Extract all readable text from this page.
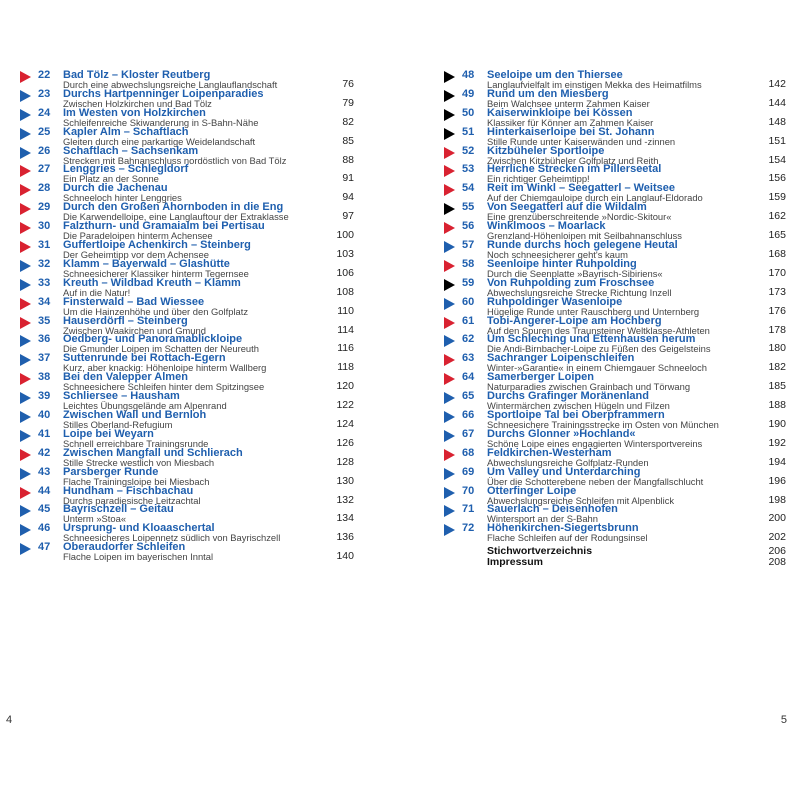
22 Bad Tölz – Kloster Reutberg
Durch eine abwechslungsreiche Langlauflandschaft	76
23 Durchs Hartpenninger Loipenparadies
Zwischen Holzkirchen und Bad Tölz	79
24 Im Westen von Holzkirchen
Schleifenreiche Skiwanderung in S-Bahn-Nähe	82
25 Kapler Alm – Schaftlach
Gleiten durch eine parkartige Weidelandschaft	85
26 Schaftlach – Sachsenkam
Strecken mit Bahnanschluss nordöstlich von Bad Tölz	88
27 Lenggries – Schlegldorf
Ein Platz an der Sonne	91
28 Durch die Jachenau
Schneeloch hinter Lenggries	94
29 Durch den Großen Ahornboden in die Eng
Die Karwendelloipe, eine Langlauftour der Extraklasse	97
30 Falzthurn- und Gramaialm bei Pertisau
Die Paradeloipen hinterm Achensee	100
31 Guffertloipe Achenkirch – Steinberg
Der Geheimtipp vor dem Achensee	103
32 Klamm – Bayerwald – Glashütte
Schneesicherer Klassiker hinterm Tegernsee	106
33 Kreuth – Wildbad Kreuth – Klamm
Auf in die Natur!	108
34 Finsterwald – Bad Wiessee
Um die Hainzenhöhe und über den Golfplatz	110
35 Hauserdörfl – Steinberg
Zwischen Waakirchen und Gmund	114
36 Oedberg- und Panoramablickloipe
Die Gmunder Loipen im Schatten der Neureuth	116
37 Suttenrunde bei Rottach-Egern
Kurz, aber knackig: Höhenloipe hinterm Wallberg	118
38 Bei den Valepper Almen
Schneesichere Schleifen hinter dem Spitzingsee	120
39 Schliersee – Hausham
Leichtes Übungsgelände am Alpenrand	122
40 Zwischen Wall und Bernloh
Stilles Oberland-Refugium	124
41 Loipe bei Weyarn
Schnell erreichbare Trainingsrunde	126
42 Zwischen Mangfall und Schlierach
Stille Strecke westlich von Miesbach	128
43 Parsberger Runde
Flache Trainingsloipe bei Miesbach	130
44 Hundham – Fischbachau
Durchs paradiesische Leitzachtal	132
45 Bayrischzell – Geitau
Unterm »Stoa«	134
46 Ursprung- und Kloaaschertal
Schneesicheres Loipennetz südlich von Bayrischzell	136
47 Oberaudorfer Schleifen
Flache Loipen im bayerischen Inntal	140
48 Seeloipe um den Thiersee
Langlaufvielfalt im einstigen Mekka des Heimatfilms	142
49 Rund um den Miesberg
Beim Walchsee unterm Zahmen Kaiser	144
50 Kaiserwinkloipe bei Kössen
Klassiker für Könner am Zahmen Kaiser	148
51 Hinterkaiserloipe bei St. Johann
Stille Runde unter Kaiserwänden und -zinnen	151
52 Kitzbüheler Sportloipe
Zwischen Kitzbüheler Golfplatz und Reith	154
53 Herrliche Strecken im Pillerseetal
Ein richtiger Geheimtipp!	156
54 Reit im Winkl – Seegatterl – Weitsee
Auf der Chiemgauloipe durch ein Langlauf-Eldorado	159
55 Von Seegatterl auf die Wildalm
Eine grenzüberschreitende »Nordic-Skitour«	162
56 Winklmoos – Moarlack
Grenzland-Höhenloipen mit Seilbahnanschluss	165
57 Runde durchs hoch gelegene Heutal
Noch schneesicherer geht's kaum	168
58 Seenloipe hinter Ruhpolding
Durch die Seenplatte »Bayrisch-Sibiriens«	170
59 Von Ruhpolding zum Froschsee
Abwechslungsreiche Strecke Richtung Inzell	173
60 Ruhpoldinger Wasenloipe
Hügelige Runde unter Rauschberg und Unternberg	176
61 Tobi-Angerer-Loipe am Hochberg
Auf den Spuren des Traunsteiner Weltklasse-Athleten	178
62 Um Schleching und Ettenhausen herum
Die Andi-Birnbacher-Loipe zu Füßen des Geigelsteins	180
63 Sachranger Loipenschleifen
Winter-»Garantie« in einem Chiemgauer Schneeloch	182
64 Samerberger Loipen
Naturparadies zwischen Grainbach und Törwang	185
65 Durchs Grafinger Moränenland
Wintermärchen zwischen Hügeln und Filzen	188
66 Sportloipe Tal bei Oberpframmern
Schneesichere Trainingsstrecke im Osten von München	190
67 Durchs Glonner »Hochland«
Schöne Loipe eines engagierten Wintersportvereins	192
68 Feldkirchen-Westerham
Abwechslungsreiche Golfplatz-Runden	194
69 Um Valley und Unterdarching
Über die Schotterebene neben der Mangfallschlucht	196
70 Otterfinger Loipe
Abwechslungsreiche Schleifen mit Alpenblick	198
71 Sauerlach – Deisenhofen
Wintersport an der S-Bahn	200
72 Höhenkirchen-Siegertsbrunn
Flache Schleifen auf der Rodungsinsel	202
Stichwortverzeichnis	206
Impressum	208
4	5
